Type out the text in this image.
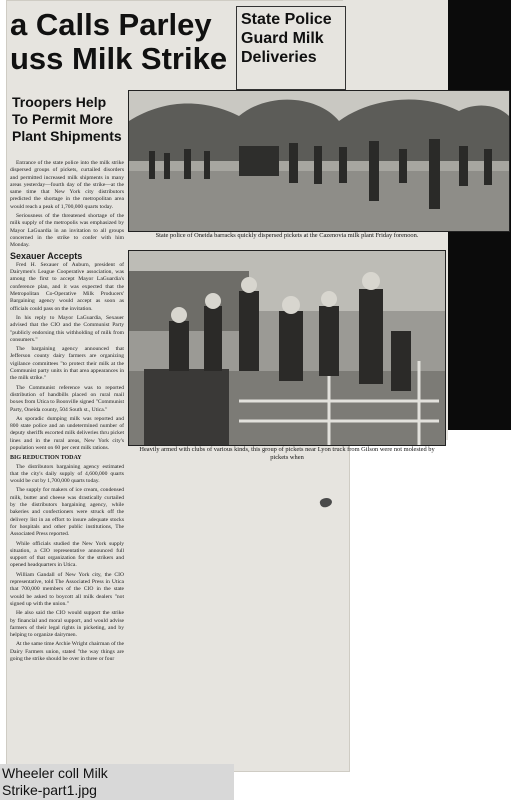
a Calls Parley
uss Milk Strike
State Police
Guard Milk
Deliveries
Troopers Help
To Permit More
Plant Shipments

Entrance of the state police into the milk strike dispersed groups of pickets, curtailed disorders and permitted increased milk shipments in many areas yesterday—fourth day of the strike—at the same time that New York city distributors predicted the shortage in the metropolitan area would reach a peak of 1,700,000 quarts today.

Seriousness of the threatened shortage of the milk supply of the metropolis was emphasized by Mayor LaGuardia in an invitation to all groups concerned in the strike to confer with him Monday.

Sexauer Accepts

Fred H. Sexauer of Auburn, president of Dairymen's League Cooperative association, was among the first to accept Mayor LaGuardia's conference plan, and it was expected that the Metropolitan Co-Operative Milk Producers' Bargaining agency would accept as soon as officials could pass on the invitation.

In his reply to Mayor LaGuardia, Sexauer advised that the CIO and the Communist Party "publicly endorsing this withholding of milk from consumers."

The bargaining agency announced that Jefferson county dairy farmers are organizing vigilance committees "to protect their milk at the Communist party units in that area appearances in the milk strike."

The Communist reference was to reported distribution of handbills placed on rural mail boxes from Utica to Boonville signed "Communist Party, Oneida county, 504 South st., Utica."

As sporadic dumping milk was reported and 800 state police and an undetermined number of deputy sheriffs escorted milk deliveries thru picket lines and in the rural areas, New York city's population went on 60 per cent milk rations.

BIG REDUCTION TODAY

The distributors bargaining agency estimated that the city's daily supply of 4,600,000 quarts would be cut by 1,700,000 quarts today.

The supply for makers of ice cream, condensed milk, butter and cheese was drastically curtailed by the distributors bargaining agency, while bakeries and confectioners were struck off the delivery list in an effort to insure adequate stocks for hospitals and other public institutions, The Associated Press reported.

While officials studied the New York supply situation, a CIO representative announced full support of that organization for the strikers and opened headquarters in Utica.

William Gandall of New York city, the CIO representative, told The Associated Press in Utica that 700,000 members of the CIO in the state would be asked to boycott all milk dealers "not signed up with the union."

He also said the CIO would support the strike by financial and moral support, and would advise farmers of their legal rights in picketing, and by helping to organize dairymen.

At the same time Archie Wright chairman of the Dairy Farmers union, stated "the way things are going the strike should be over in three or four

State police of Oneida barracks quickly dispersed pickets at the Cazenovia milk plant Friday forenoon.
Heavily armed with clubs of various kinds, this group of pickets near Lyon truck from Gilson were not molested by pickets when
Wheeler coll Milk
Strike-part1.jpg
